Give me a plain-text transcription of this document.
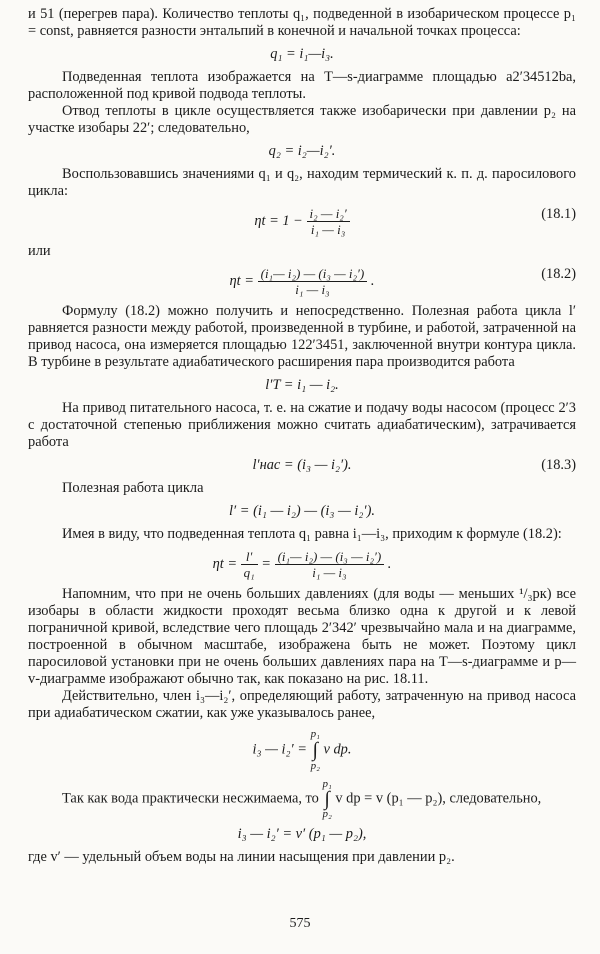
и 51 (перегрев пара). Количество теплоты q₁, подведенной в изобарическом процессе p₁ = const, равняется разности энтальпий в конечной и начальной точках процесса:

q₁ = i₁—i₃.

Подведенная теплота изображается на T—s-диаграмме площадью a2′34512ba, расположенной под кривой подвода теплоты.

Отвод теплоты в цикле осуществляется также изобарически при давлении p₂ на участке изобары 22′; следовательно,

q₂ = i₂—i₂′.

Воспользовавшись значениями q₁ и q₂, находим термический к. п. д. паросилового цикла:

$\eta t = 1 - \frac{\text{i₂ — i₂′}}{\text{i₁ — i₃}}$	(18.1)

или

$\eta t = \frac{\text{(i₁— i₂) — (i₃ — i₂′)}}{\text{i₁ — i₃}}$ .	(18.2)

Формулу (18.2) можно получить и непосредственно. Полезная работа цикла l′ равняется разности между работой, произведенной в турбине, и работой, затраченной на привод насоса, она измеряется площадью 122′3451, заключенной внутри контура цикла. В турбине в результате адиабатического расширения пара производится работа

l′T = i₁ — i₂.

На привод питательного насоса, т. е. на сжатие и подачу воды насосом (процесс 2′3 с достаточной степенью приближения можно считать адиабатическим), затрачивается работа

l′нас = (i₃ — i₂′).	(18.3)

Полезная работа цикла

l′ = (i₁ — i₂) — (i₃ — i₂′).

Имея в виду, что подведенная теплота q₁ равна i₁—i₃, приходим к формуле (18.2):

$\eta t = \frac{l'}{\text{q₁}} = \frac{\text{(i₁— i₂) — (i₃ — i₂′)}}{\text{i₁ — i₃}}$ .

Напомним, что при не очень больших давлениях (для воды — меньших ¹/₃pк) все изобары в области жидкости проходят весьма близко одна к другой и к левой пограничной кривой, вследствие чего площадь 2′342′ чрезвычайно мала и на диаграмме, построенной в обычном масштабе, изображена быть не может. Поэтому цикл паросиловой установки при не очень больших давлениях пара на T—s-диаграмме и p—v-диаграмме изображают обычно так, как показано на рис. 18.11.

Действительно, член i₃—i₂′, определяющий работу, затраченную на привод насоса при адиабатическом сжатии, как уже указывалось ранее,

i₃ — i₂′ =
p₁
∫
p₂
v dp.

Так как вода практически несжимаема, то
p₁
∫
p₂
v dp = v (p₁ — p₂), следовательно,

i₃ — i₂′ = v′ (p₁ — p₂),

где v′ — удельный объем воды на линии насыщения при давлении p₂.

575
